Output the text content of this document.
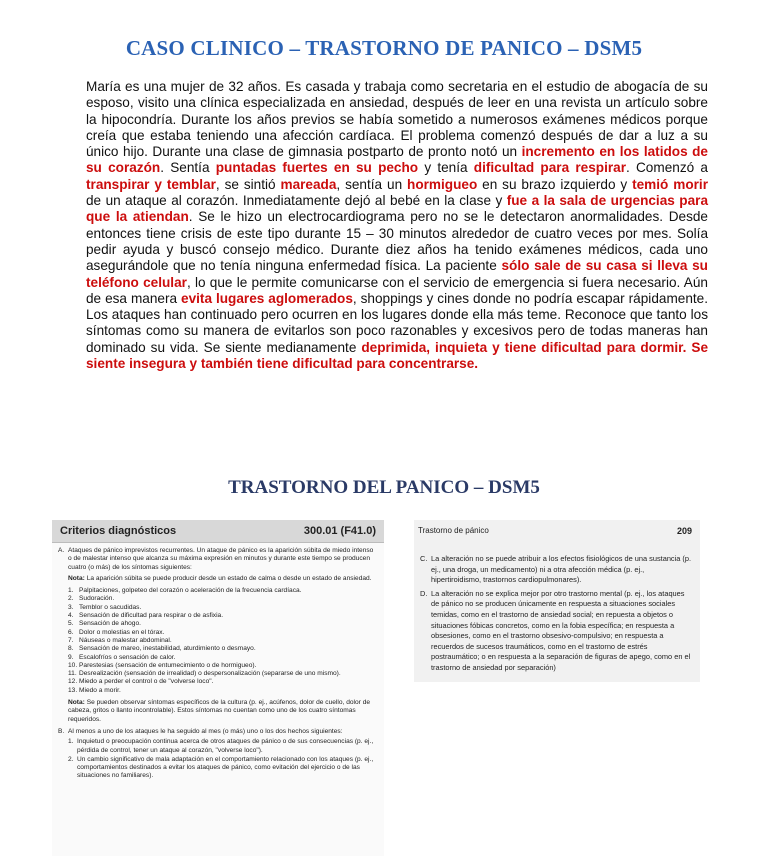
CASO CLINICO – TRASTORNO DE PANICO – DSM5
María es una mujer de 32 años. Es casada y trabaja como secretaria en el estudio de abogacía de su esposo, visito una clínica especializada en ansiedad, después de leer en una revista un artículo sobre la hipocondría. Durante los años previos se había sometido a numerosos exámenes médicos porque creía que estaba teniendo una afección cardíaca. El problema comenzó después de dar a luz a su único hijo. Durante una clase de gimnasia postparto de pronto notó un incremento en los latidos de su corazón. Sentía puntadas fuertes en su pecho y tenía dificultad para respirar. Comenzó a transpirar y temblar, se sintió mareada, sentía un hormigueo en su brazo izquierdo y temió morir de un ataque al corazón. Inmediatamente dejó al bebé en la clase y fue a la sala de urgencias para que la atiendan. Se le hizo un electrocardiograma pero no se le detectaron anormalidades. Desde entonces tiene crisis de este tipo durante 15 – 30 minutos alrededor de cuatro veces por mes. Solía pedir ayuda y buscó consejo médico. Durante diez años ha tenido exámenes médicos, cada uno asegurándole que no tenía ninguna enfermedad física. La paciente sólo sale de su casa si lleva su teléfono celular, lo que le permite comunicarse con el servicio de emergencia si fuera necesario. Aún de esa manera evita lugares aglomerados, shoppings y cines donde no podría escapar rápidamente. Los ataques han continuado pero ocurren en los lugares donde ella más teme. Reconoce que tanto los síntomas como su manera de evitarlos son poco razonables y excesivos pero de todas maneras han dominado su vida. Se siente medianamente deprimida, inquieta y tiene dificultad para dormir. Se siente insegura y también tiene dificultad para concentrarse.
TRASTORNO DEL PANICO – DSM5
Criterios diagnósticos	300.01 (F41.0)
A. Ataques de pánico imprevistos recurrentes. Un ataque de pánico es la aparición súbita de miedo intenso o de malestar intenso que alcanza su máxima expresión en minutos y durante este tiempo se producen cuatro (o más) de los síntomas siguientes:
Nota: La aparición súbita se puede producir desde un estado de calma o desde un estado de ansiedad.
1. Palpitaciones, golpeteo del corazón o aceleración de la frecuencia cardíaca.
2. Sudoración.
3. Temblor o sacudidas.
4. Sensación de dificultad para respirar o de asfixia.
5. Sensación de ahogo.
6. Dolor o molestias en el tórax.
7. Náuseas o malestar abdominal.
8. Sensación de mareo, inestabilidad, aturdimiento o desmayo.
9. Escalofríos o sensación de calor.
10. Parestesias (sensación de entumecimiento o de hormigueo).
11. Desrealización (sensación de irrealidad) o despersonalización (separarse de uno mismo).
12. Miedo a perder el control o de "volverse loco".
13. Miedo a morir.
Nota: Se pueden observar síntomas específicos de la cultura (p. ej., acúfenos, dolor de cuello, dolor de cabeza, gritos o llanto incontrolable). Estos síntomas no cuentan como uno de los cuatro síntomas requeridos.
B. Al menos a uno de los ataques le ha seguido al mes (o más) uno o los dos hechos siguientes:
1. Inquietud o preocupación continua acerca de otros ataques de pánico o de sus consecuencias (p. ej., pérdida de control, tener un ataque al corazón, "volverse loco").
2. Un cambio significativo de mala adaptación en el comportamiento relacionado con los ataques (p. ej., comportamientos destinados a evitar los ataques de pánico, como evitación del ejercicio o de las situaciones no familiares).
Trastorno de pánico	209
C. La alteración no se puede atribuir a los efectos fisiológicos de una sustancia (p. ej., una droga, un medicamento) ni a otra afección médica (p. ej., hipertiroidismo, trastornos cardiopulmonares).
D. La alteración no se explica mejor por otro trastorno mental (p. ej., los ataques de pánico no se producen únicamente en respuesta a situaciones sociales temidas, como en el trastorno de ansiedad social; en repuesta a objetos o situaciones fóbicas concretos, como en la fobia específica; en respuesta a obsesiones, como en el trastorno obsesivo-compulsivo; en respuesta a recuerdos de sucesos traumáticos, como en el trastorno de estrés postraumático; o en respuesta a la separación de figuras de apego, como en el trastorno de ansiedad por separación)
